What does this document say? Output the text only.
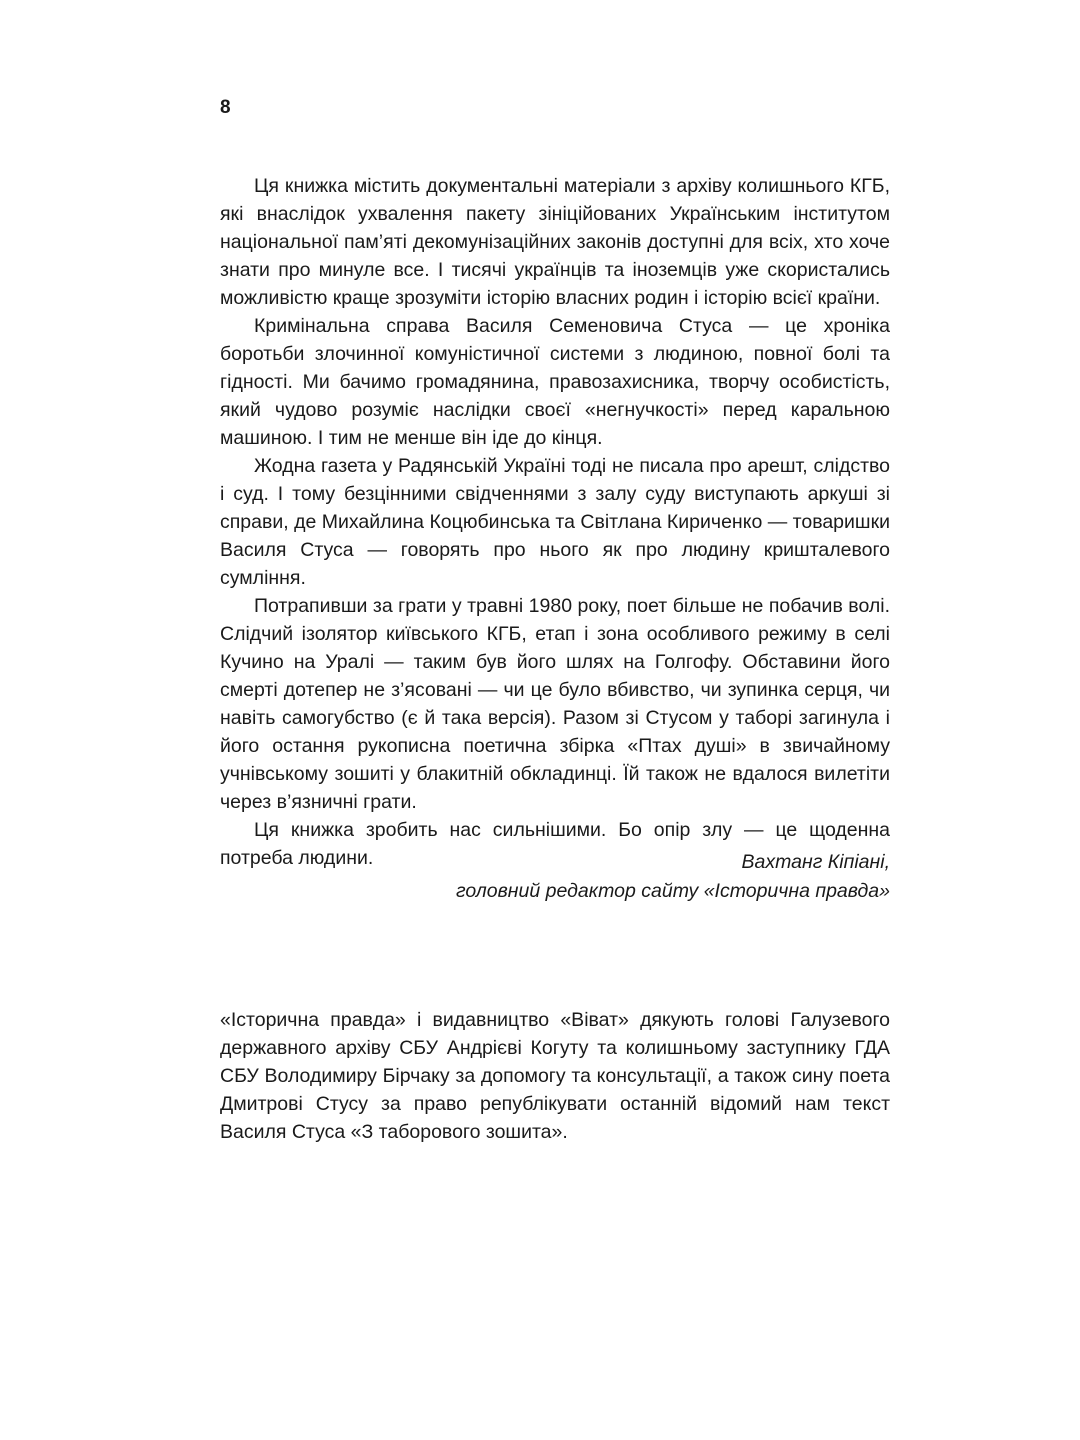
8

Ця книжка містить документальні матеріали з архіву колишнього КГБ, які внаслідок ухвалення пакету зініційованих Українським інститутом національної пам’яті декомунізаційних законів доступні для всіх, хто хоче знати про минуле все. І тисячі українців та іноземців уже скористались можливістю краще зрозуміти історію власних родин і історію всієї країни.

Кримінальна справа Василя Семеновича Стуса — це хроніка боротьби злочинної комуністичної системи з людиною, повної болі та гідності. Ми бачимо громадянина, правозахисника, творчу особистість, який чудово розуміє наслідки своєї «негнучкості» перед каральною машиною. І тим не менше він іде до кінця.

Жодна газета у Радянській Україні тоді не писала про арешт, слідство і суд. І тому безцінними свідченнями з залу суду виступають аркуші зі справи, де Михайлина Коцюбинська та Світлана Кириченко — товаришки Василя Стуса — говорять про нього як про людину кришталевого сумління.

Потрапивши за грати у травні 1980 року, поет більше не побачив волі. Слідчий ізолятор київського КГБ, етап і зона особливого режиму в селі Кучино на Уралі — таким був його шлях на Голгофу. Обставини його смерті дотепер не з’ясовані — чи це було вбивство, чи зупинка серця, чи навіть самогубство (є й така версія). Разом зі Стусом у таборі загинула і його остання рукописна поетична збірка «Птах душі» в звичайному учнівському зошиті у блакитній обкладинці. Їй також не вдалося вилетіти через в’язничні грати.

Ця книжка зробить нас сильнішими. Бо опір злу — це щоденна потреба людини.	Вахтанг Кіпіані,
головний редактор сайту «Історична правда»

«Історична правда» і видавництво «Віват» дякують голові Галузевого державного архіву СБУ Андрієві Когуту та колишньому заступнику ГДА СБУ Володимиру Бірчаку за допомогу та консультації, а також сину поета Дмитрові Стусу за право републікувати останній відомий нам текст Василя Стуса «З таборового зошита».
